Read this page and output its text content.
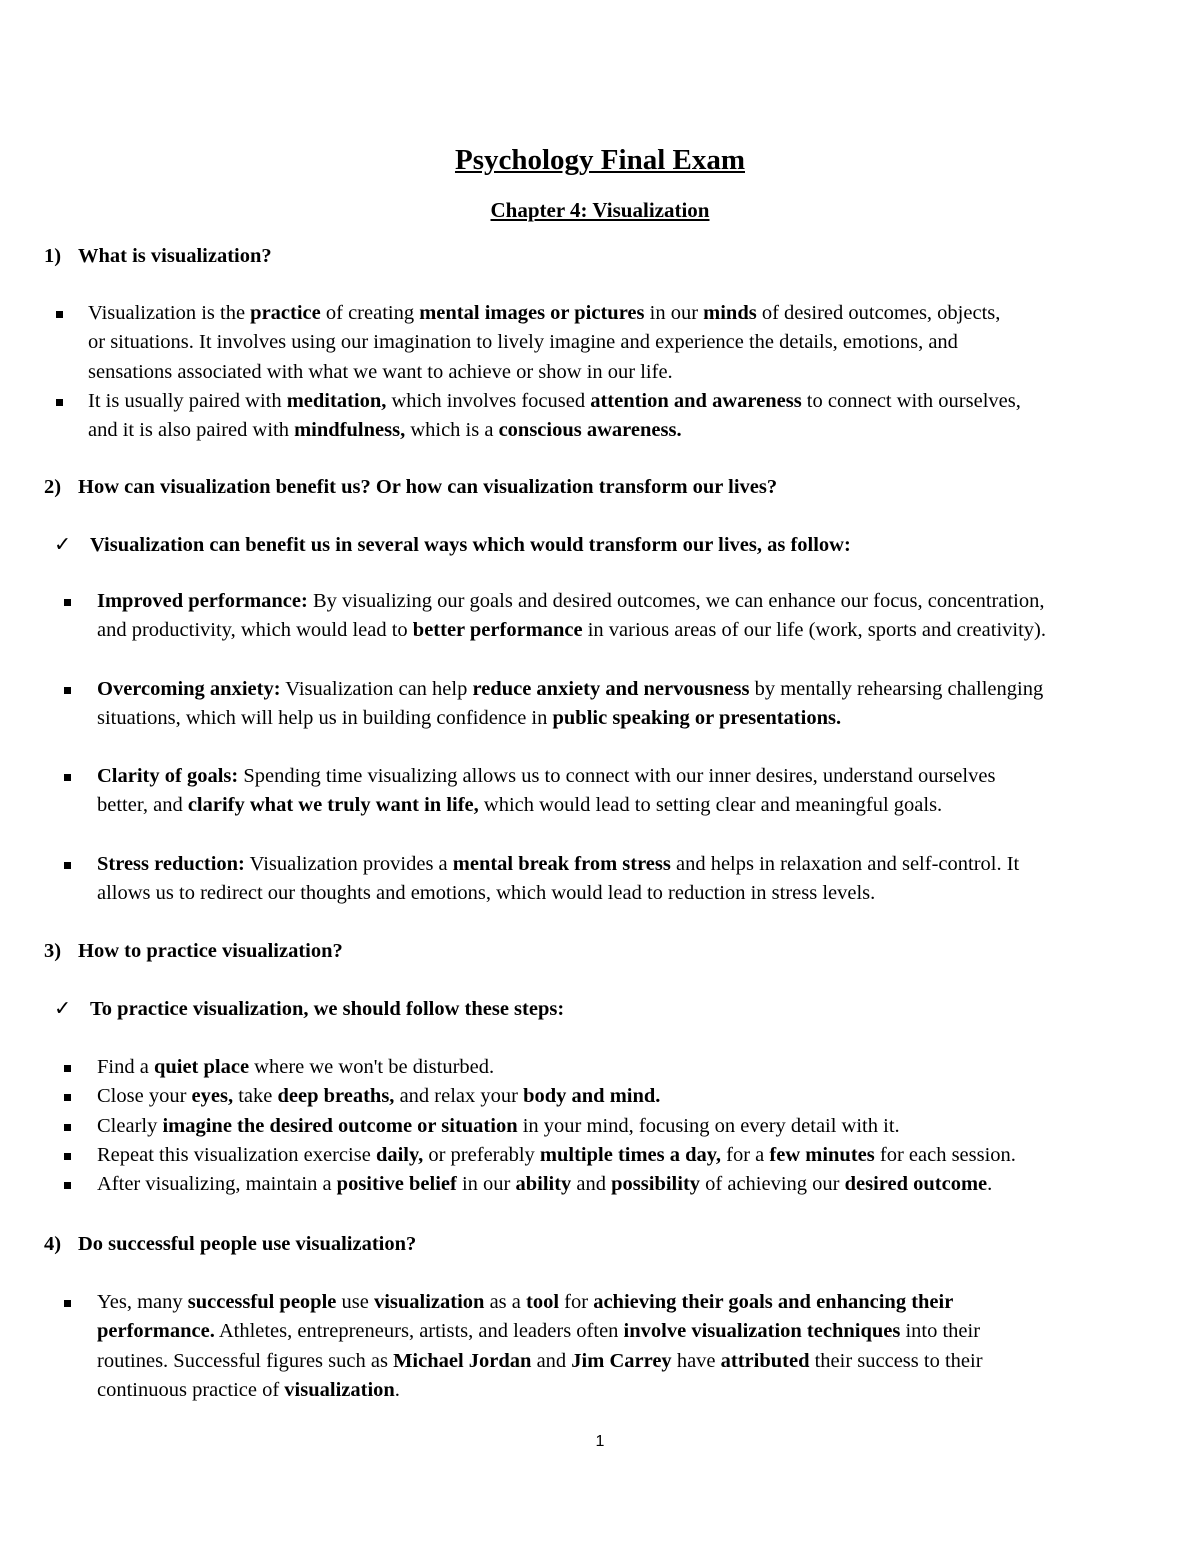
Psychology Final Exam
Chapter 4: Visualization
1) What is visualization?
Visualization is the practice of creating mental images or pictures in our minds of desired outcomes, objects,
or situations. It involves using our imagination to lively imagine and experience the details, emotions, and
sensations associated with what we want to achieve or show in our life.
It is usually paired with meditation, which involves focused attention and awareness to connect with ourselves,
and it is also paired with mindfulness, which is a conscious awareness.
2) How can visualization benefit us? Or how can visualization transform our lives?
✓ Visualization can benefit us in several ways which would transform our lives, as follow:
Improved performance: By visualizing our goals and desired outcomes, we can enhance our focus, concentration,
and productivity, which would lead to better performance in various areas of our life (work, sports and creativity).
Overcoming anxiety: Visualization can help reduce anxiety and nervousness by mentally rehearsing challenging
situations, which will help us in building confidence in public speaking or presentations.
Clarity of goals: Spending time visualizing allows us to connect with our inner desires, understand ourselves
better, and clarify what we truly want in life, which would lead to setting clear and meaningful goals.
Stress reduction: Visualization provides a mental break from stress and helps in relaxation and self-control. It
allows us to redirect our thoughts and emotions, which would lead to reduction in stress levels.
3) How to practice visualization?
✓ To practice visualization, we should follow these steps:
Find a quiet place where we won't be disturbed.
Close your eyes, take deep breaths, and relax your body and mind.
Clearly imagine the desired outcome or situation in your mind, focusing on every detail with it.
Repeat this visualization exercise daily, or preferably multiple times a day, for a few minutes for each session.
After visualizing, maintain a positive belief in our ability and possibility of achieving our desired outcome.
4) Do successful people use visualization?
Yes, many successful people use visualization as a tool for achieving their goals and enhancing their
performance. Athletes, entrepreneurs, artists, and leaders often involve visualization techniques into their
routines. Successful figures such as Michael Jordan and Jim Carrey have attributed their success to their
continuous practice of visualization.
1
